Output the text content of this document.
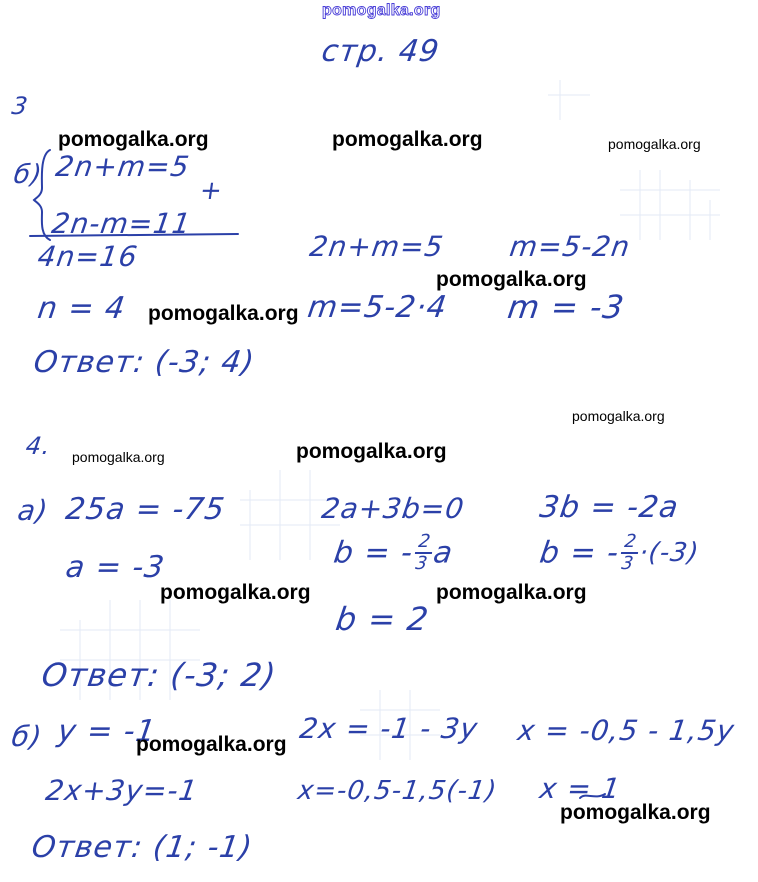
pomogalka.org
стр. 49
3
б) 2n+m=5
+
2n-m=11
4n=16
n = 4
2n+m=5 m=5-2n
m=5-2·4 m = -3
Ответ: (-3; 4)
4.
а) 25a = -75	2a+3b=0 3b = -2a
a = -3	b = -
$\frac{2}{3}$
a	b = -
$\frac{2}{3}$
·(-3)
b = 2
Ответ: (-3; 2)
б) y = -1	2x = -1 - 3y x = -0,5 - 1,5y
2x+3y=-1	x=-0,5-1,5(-1) x = 1
Ответ: (1; -1)
pomogalka.org	pomogalka.org	pomogalka.org
pomogalka.org
pomogalka.org
pomogalka.org
pomogalka.org
pomogalka.org
pomogalka.org	pomogalka.org
pomogalka.org
pomogalka.org
